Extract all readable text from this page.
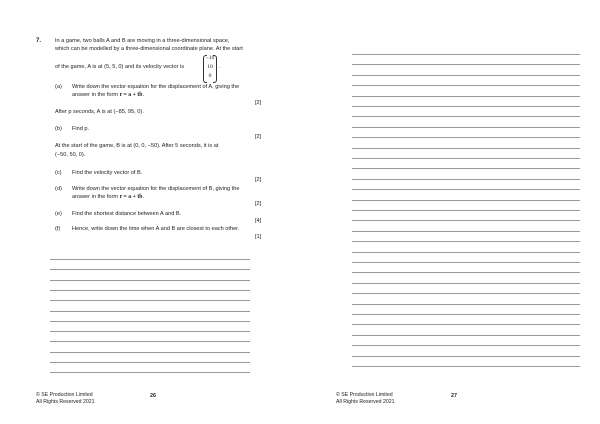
7. In a game, two balls A and B are moving in a three-dimensional space,
which can be modelled by a three-dimensional coordinate plane. At the start
of the game, A is at (5, 5, 0) and its velocity vector is
−10
10
0
.
(a) Write down the vector equation for the displacement of A, giving the
answer in the form r = a + tb.
[2]
After p seconds, A is at (−85, 95, 0).
(b) Find p.
[2]
At the start of the game, B is at (0, 0, −50). After 5 seconds, it is at
(−50, 50, 0).
(c) Find the velocity vector of B.
[2]
(d) Write down the vector equation for the displacement of B, giving the
answer in the form r = a + tb.
[2]
(e) Find the shortest distance between A and B.
[4]
(f) Hence, write down the time when A and B are closest to each other.
[1]
© SE Production Limited
All Rights Reserved 2021
26	© SE Production Limited
All Rights Reserved 2021
27
